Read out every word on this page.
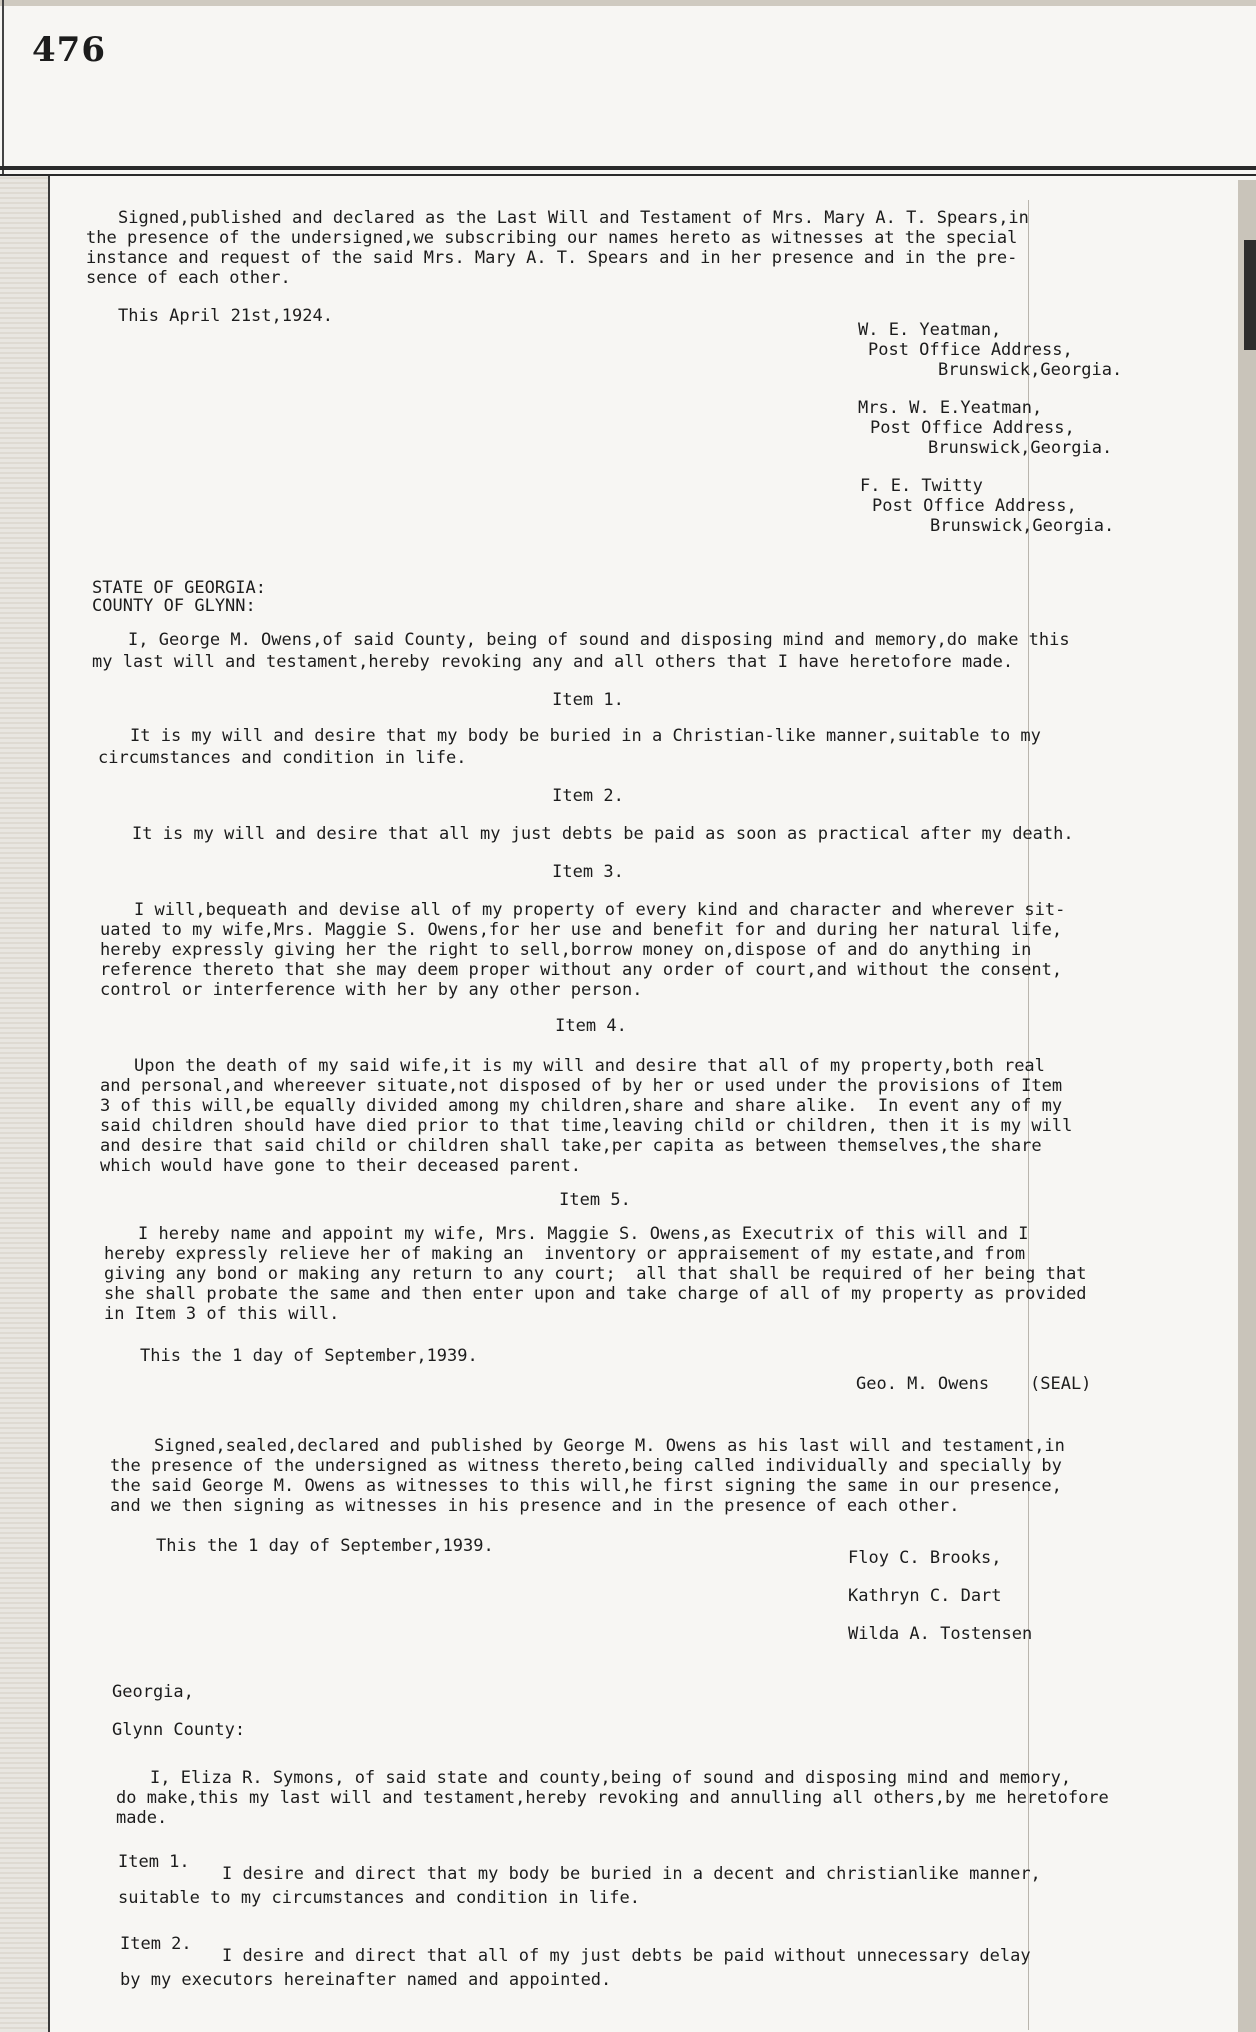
476

Signed,published and declared as the Last Will and Testament of Mrs. Mary A. T. Spears,in

the presence of the undersigned,we subscribing our names hereto as witnesses at the special

instance and request of the said Mrs. Mary A. T. Spears and in her presence and in the pre-

sence of each other.

This April 21st,1924.

W. E. Yeatman,

Post Office Address,

Brunswick,Georgia.

Mrs. W. E.Yeatman,

Post Office Address,

Brunswick,Georgia.

F. E. Twitty

Post Office Address,

Brunswick,Georgia.

STATE OF GEORGIA:

COUNTY OF GLYNN:

I, George M. Owens,of said County, being of sound and disposing mind and memory,do make this

my last will and testament,hereby revoking any and all others that I have heretofore made.

Item 1.

It is my will and desire that my body be buried in a Christian-like manner,suitable to my

circumstances and condition in life.

Item 2.

It is my will and desire that all my just debts be paid as soon as practical after my death.

Item 3.

I will,bequeath and devise all of my property of every kind and character and wherever sit-

uated to my wife,Mrs. Maggie S. Owens,for her use and benefit for and during her natural life,

hereby expressly giving her the right to sell,borrow money on,dispose of and do anything in

reference thereto that she may deem proper without any order of court,and without the consent,

control or interference with her by any other person.

Item 4.

Upon the death of my said wife,it is my will and desire that all of my property,both real

and personal,and whereever situate,not disposed of by her or used under the provisions of Item

3 of this will,be equally divided among my children,share and share alike.  In event any of my

said children should have died prior to that time,leaving child or children, then it is my will

and desire that said child or children shall take,per capita as between themselves,the share

which would have gone to their deceased parent.

Item 5.

I hereby name and appoint my wife, Mrs. Maggie S. Owens,as Executrix of this will and I

hereby expressly relieve her of making an  inventory or appraisement of my estate,and from

giving any bond or making any return to any court;  all that shall be required of her being that

she shall probate the same and then enter upon and take charge of all of my property as provided

in Item 3 of this will.

This the 1 day of September,1939.

Geo. M. Owens (SEAL)

Signed,sealed,declared and published by George M. Owens as his last will and testament,in

the presence of the undersigned as witness thereto,being called individually and specially by

the said George M. Owens as witnesses to this will,he first signing the same in our presence,

and we then signing as witnesses in his presence and in the presence of each other.

This the 1 day of September,1939.

Floy C. Brooks,

Kathryn C. Dart

Wilda A. Tostensen

Georgia,

Glynn County:

I, Eliza R. Symons, of said state and county,being of sound and disposing mind and memory,

do make,this my last will and testament,hereby revoking and annulling all others,by me heretofore

made.

Item 1.

I desire and direct that my body be buried in a decent and christianlike manner,

suitable to my circumstances and condition in life.

Item 2.

I desire and direct that all of my just debts be paid without unnecessary delay

by my executors hereinafter named and appointed.
